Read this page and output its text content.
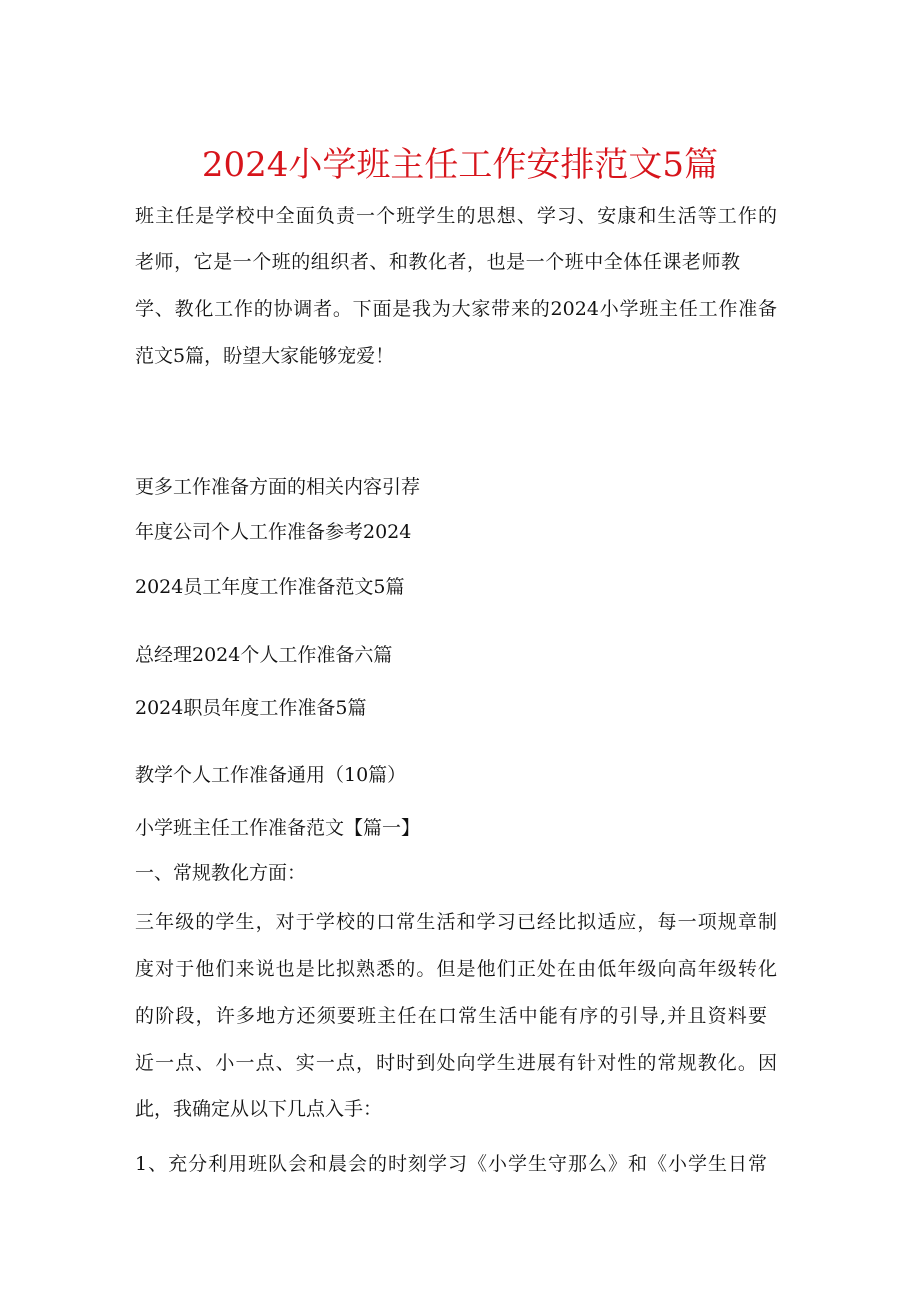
2024小学班主任工作安排范文5篇
班主任是学校中全面负责一个班学生的思想、学习、安康和生活等工作的
老师，它是一个班的组织者、和教化者，也是一个班中全体任课老师教
学、教化工作的协调者。下面是我为大家带来的2024小学班主任工作准备
范文5篇，盼望大家能够宠爱！
更多工作准备方面的相关内容引荐
年度公司个人工作准备参考2024
2024员工年度工作准备范文5篇
总经理2024个人工作准备六篇
2024职员年度工作准备5篇
教学个人工作准备通用（10篇）
小学班主任工作准备范文【篇一】
一、常规教化方面：
三年级的学生，对于学校的口常生活和学习已经比拟适应，每一项规章制
度对于他们来说也是比拟熟悉的。但是他们正处在由低年级向高年级转化
的阶段，许多地方还须要班主任在口常生活中能有序的引导,并且资料要
近一点、小一点、实一点，时时到处向学生进展有针对性的常规教化。因
此，我确定从以下几点入手：
1、充分利用班队会和晨会的时刻学习《小学生守那么》和《小学生日常
